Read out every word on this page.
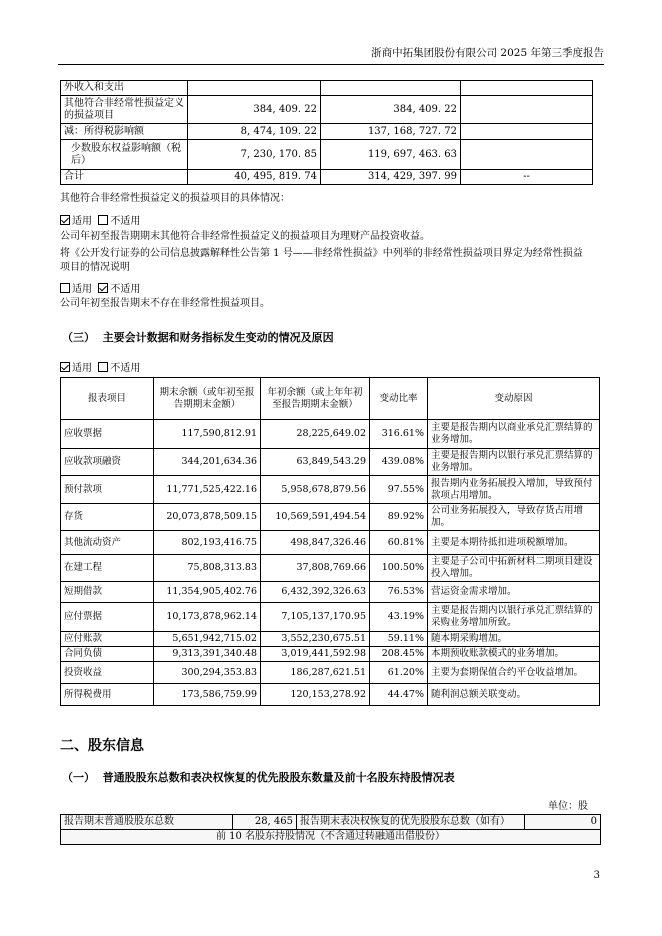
浙商中拓集团股份有限公司 2025 年第三季度报告
外收入和支出			
其他符合非经常性损益定义的损益项目	384, 409. 22	384, 409. 22	
减：所得税影响额	8, 474, 109. 22	137, 168, 727. 72	
少数股东权益影响额（税后）	7, 230, 170. 85	119, 697, 463. 63	
合计	40, 495, 819. 74	314, 429, 397. 99	--
其他符合非经常性损益定义的损益项目的具体情况：
适用 不适用
公司年初至报告期期末其他符合非经常性损益定义的损益项目为理财产品投资收益。
将《公开发行证券的公司信息披露解释性公告第 1 号——非经常性损益》中列举的非经常性损益项目界定为经常性损益
项目的情况说明
适用 不适用
公司年初至报告期末不存在非经常性损益项目。
（三） 主要会计数据和财务指标发生变动的情况及原因
适用 不适用
报表项目	期末余额（或年初至报告期期末金额）	年初余额（或上年年初至报告期期末金额）	变动比率	变动原因
应收票据	117,590,812.91	28,225,649.02	316.61%	主要是报告期内以商业承兑汇票结算的业务增加。
应收款项融资	344,201,634.36	63,849,543.29	439.08%	主要是报告期内以银行承兑汇票结算的业务增加。
预付款项	11,771,525,422.16	5,958,678,879.56	97.55%	报告期内业务拓展投入增加，导致预付款项占用增加。
存货	20,073,878,509.15	10,569,591,494.54	89.92%	公司业务拓展投入，导致存货占用增加。
其他流动资产	802,193,416.75	498,847,326.46	60.81%	主要是本期待抵扣进项税额增加。
在建工程	75,808,313.83	37,808,769.66	100.50%	主要是子公司中拓新材料二期项目建设投入增加。
短期借款	11,354,905,402.76	6,432,392,326.63	76.53%	营运资金需求增加。
应付票据	10,173,878,962.14	7,105,137,170.95	43.19%	主要是报告期内以银行承兑汇票结算的采购业务增加所致。
应付账款	5,651,942,715.02	3,552,230,675.51	59.11%	随本期采购增加。
合同负债	9,313,391,340.48	3,019,441,592.98	208.45%	本期预收账款模式的业务增加。
投资收益	300,294,353.83	186,287,621.51	61.20%	主要为套期保值合约平仓收益增加。
所得税费用	173,586,759.99	120,153,278.92	44.47%	随利润总额关联变动。
二、股东信息
（一） 普通股股东总数和表决权恢复的优先股股东数量及前十名股东持股情况表
单位：股
报告期末普通股股东总数	28, 465	报告期末表决权恢复的优先股股东总数（如有）	0
前 10 名股东持股情况（不含通过转融通出借股份）
3
